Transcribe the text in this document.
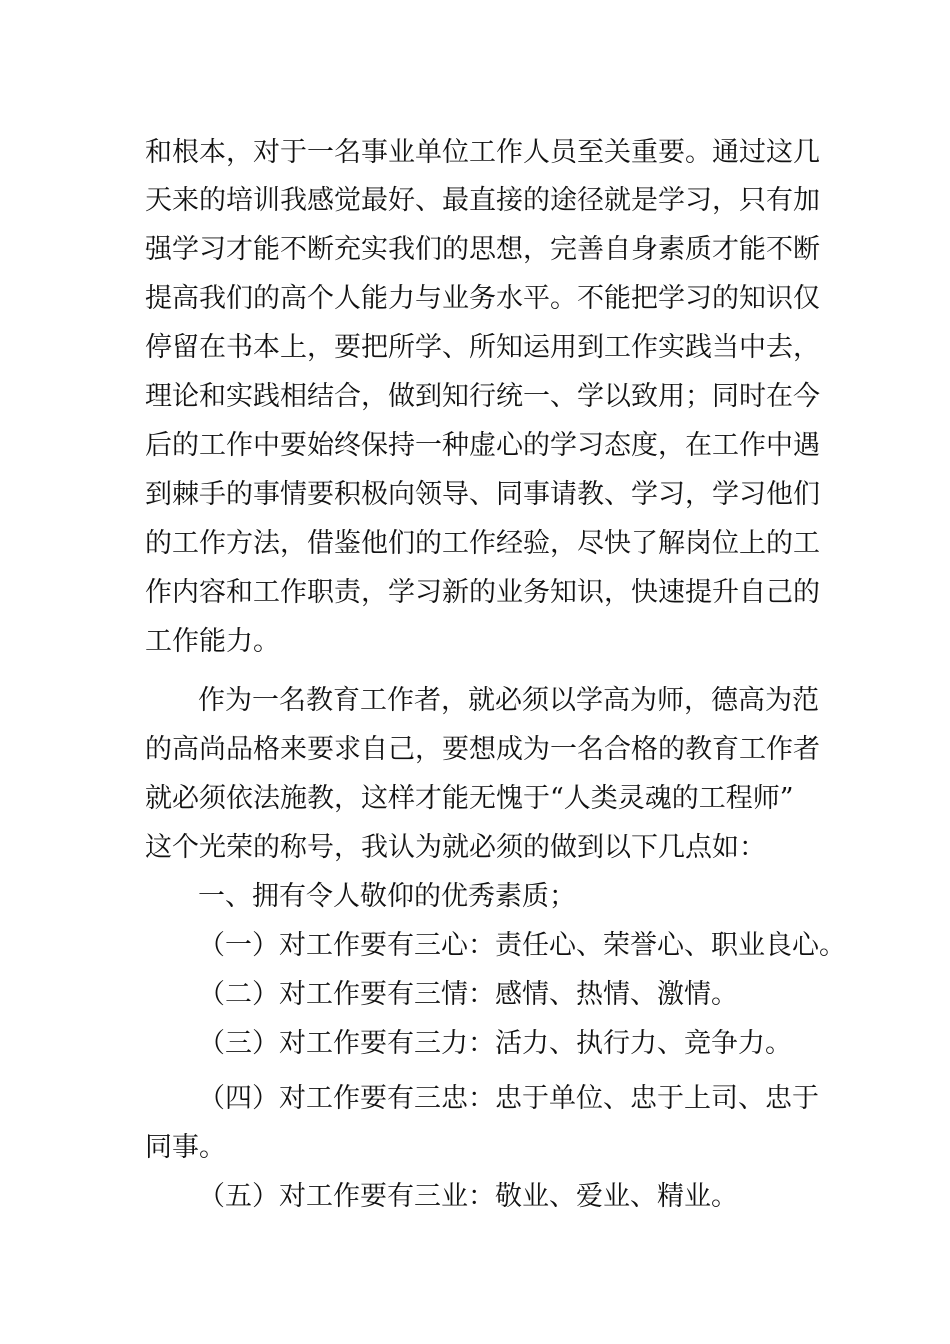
和根本，对于一名事业单位工作人员至关重要。通过这几
天来的培训我感觉最好、最直接的途径就是学习，只有加
强学习才能不断充实我们的思想，完善自身素质才能不断
提高我们的高个人能力与业务水平。不能把学习的知识仅
停留在书本上，要把所学、所知运用到工作实践当中去，
理论和实践相结合，做到知行统一、学以致用；同时在今
后的工作中要始终保持一种虚心的学习态度，在工作中遇
到棘手的事情要积极向领导、同事请教、学习，学习他们
的工作方法，借鉴他们的工作经验，尽快了解岗位上的工
作内容和工作职责，学习新的业务知识，快速提升自己的
工作能力。
作为一名教育工作者，就必须以学高为师，德高为范
的高尚品格来要求自己，要想成为一名合格的教育工作者
就必须依法施教，这样才能无愧于“人类灵魂的工程师”
这个光荣的称号，我认为就必须的做到以下几点如：
一、拥有令人敬仰的优秀素质；
（一）对工作要有三心：责任心、荣誉心、职业良心。
（二）对工作要有三情：感情、热情、激情。
（三）对工作要有三力：活力、执行力、竞争力。
（四）对工作要有三忠：忠于单位、忠于上司、忠于
同事。
（五）对工作要有三业：敬业、爱业、精业。
